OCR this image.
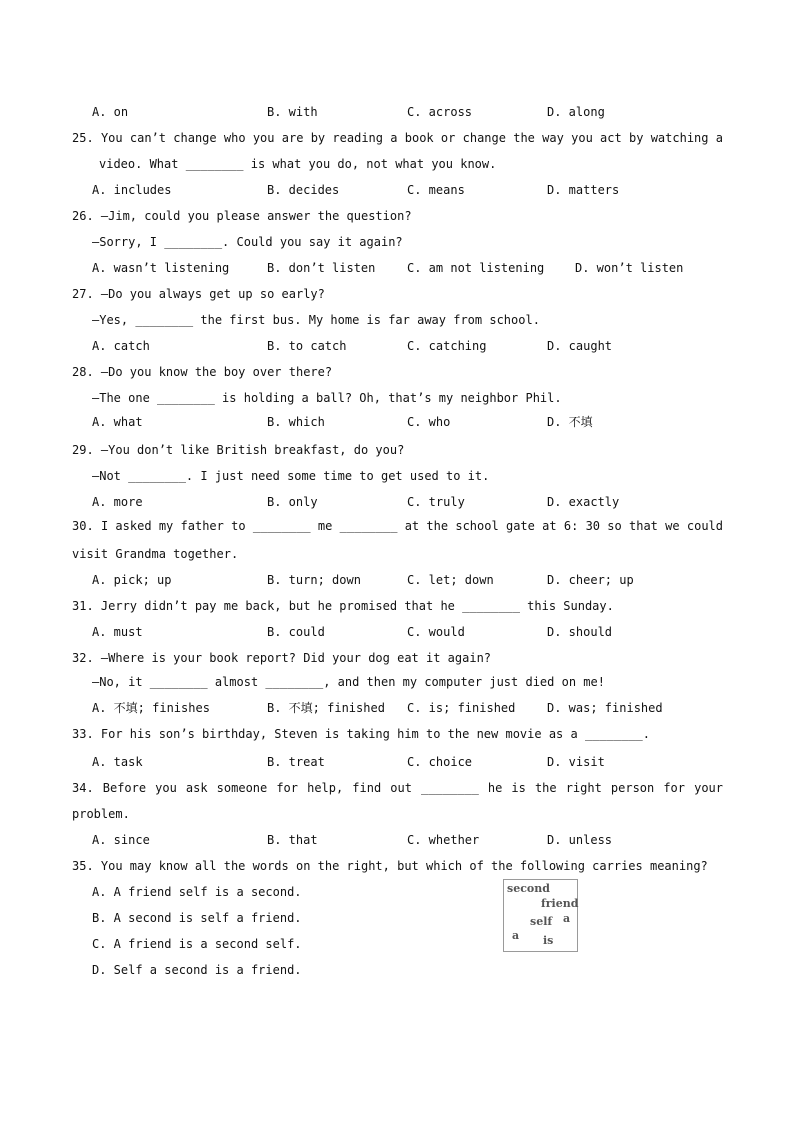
A. on	B. with	C. across	D. along
25. You can’t change who you are by reading a book or change the way you act by watching a
video. What ________ is what you do, not what you know.
A. includes	B. decides	C. means	D. matters
26. —Jim, could you please answer the question?
—Sorry, I ________. Could you say it again?
A. wasn’t listening	B. don’t listen	C. am not listening	D. won’t listen
27. —Do you always get up so early?
—Yes, ________ the first bus. My home is far away from school.
A. catch	B. to catch	C. catching	D. caught
28. —Do you know the boy over there?
—The one ________ is holding a ball? Oh, that’s my neighbor Phil.
A. what	B. which	C. who	D. 不填
29. —You don’t like British breakfast, do you?
—Not ________. I just need some time to get used to it.
A. more	B. only	C. truly	D. exactly
30. I asked my father to ________ me ________ at the school gate at 6: 30 so that we could
visit Grandma together.
A. pick; up	B. turn; down	C. let; down	D. cheer; up
31. Jerry didn’t pay me back, but he promised that he ________ this Sunday.
A. must	B. could	C. would	D. should
32. —Where is your book report? Did your dog eat it again?
—No, it ________ almost ________, and then my computer just died on me!
A. 不填; finishes	B. 不填; finished C. is; finished	D. was; finished
33. For his son’s birthday, Steven is taking him to the new movie as a ________.
A. task	B. treat	C. choice	D. visit
34. Before you ask someone for help, find out ________ he is the right person for your
problem.
A. since	B. that	C. whether	D. unless
35. You may know all the words on the right, but which of the following carries meaning?
A. A friend self is a second.
B. A second is self a friend.
C. A friend is a second self.
D. Self a second is a friend.
second
friend
self a
a is
